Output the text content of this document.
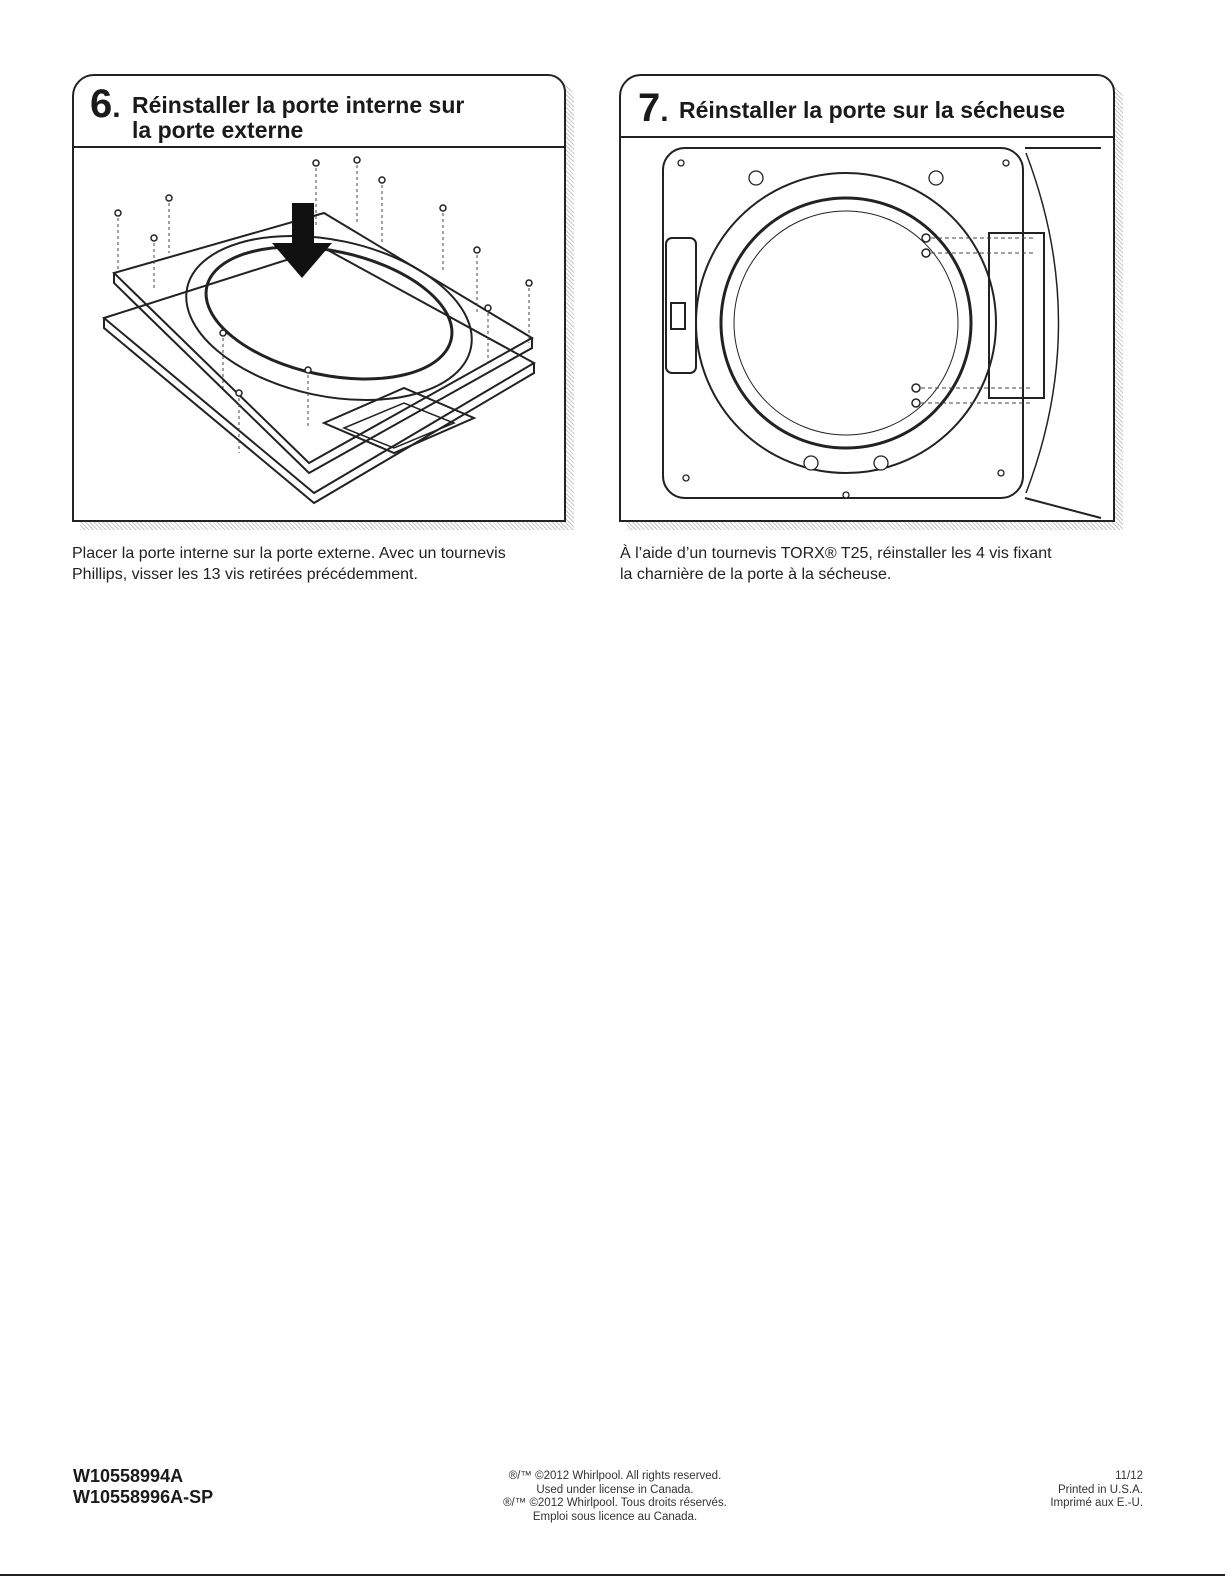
6. Réinstaller la porte interne sur
la porte externe
Placer la porte interne sur la porte externe. Avec un tournevis
Phillips, visser les 13 vis retirées précédemment.
7. Réinstaller la porte sur la sécheuse
À l’aide d’un tournevis TORX® T25, réinstaller les 4 vis fixant
la charnière de la porte à la sécheuse.
W10558994A
W10558996A-SP
®/™ ©2012 Whirlpool. All rights reserved.
Used under license in Canada.
®/™ ©2012 Whirlpool. Tous droits réservés.
Emploi sous licence au Canada.
11/12
Printed in U.S.A.
Imprimé aux E.-U.
